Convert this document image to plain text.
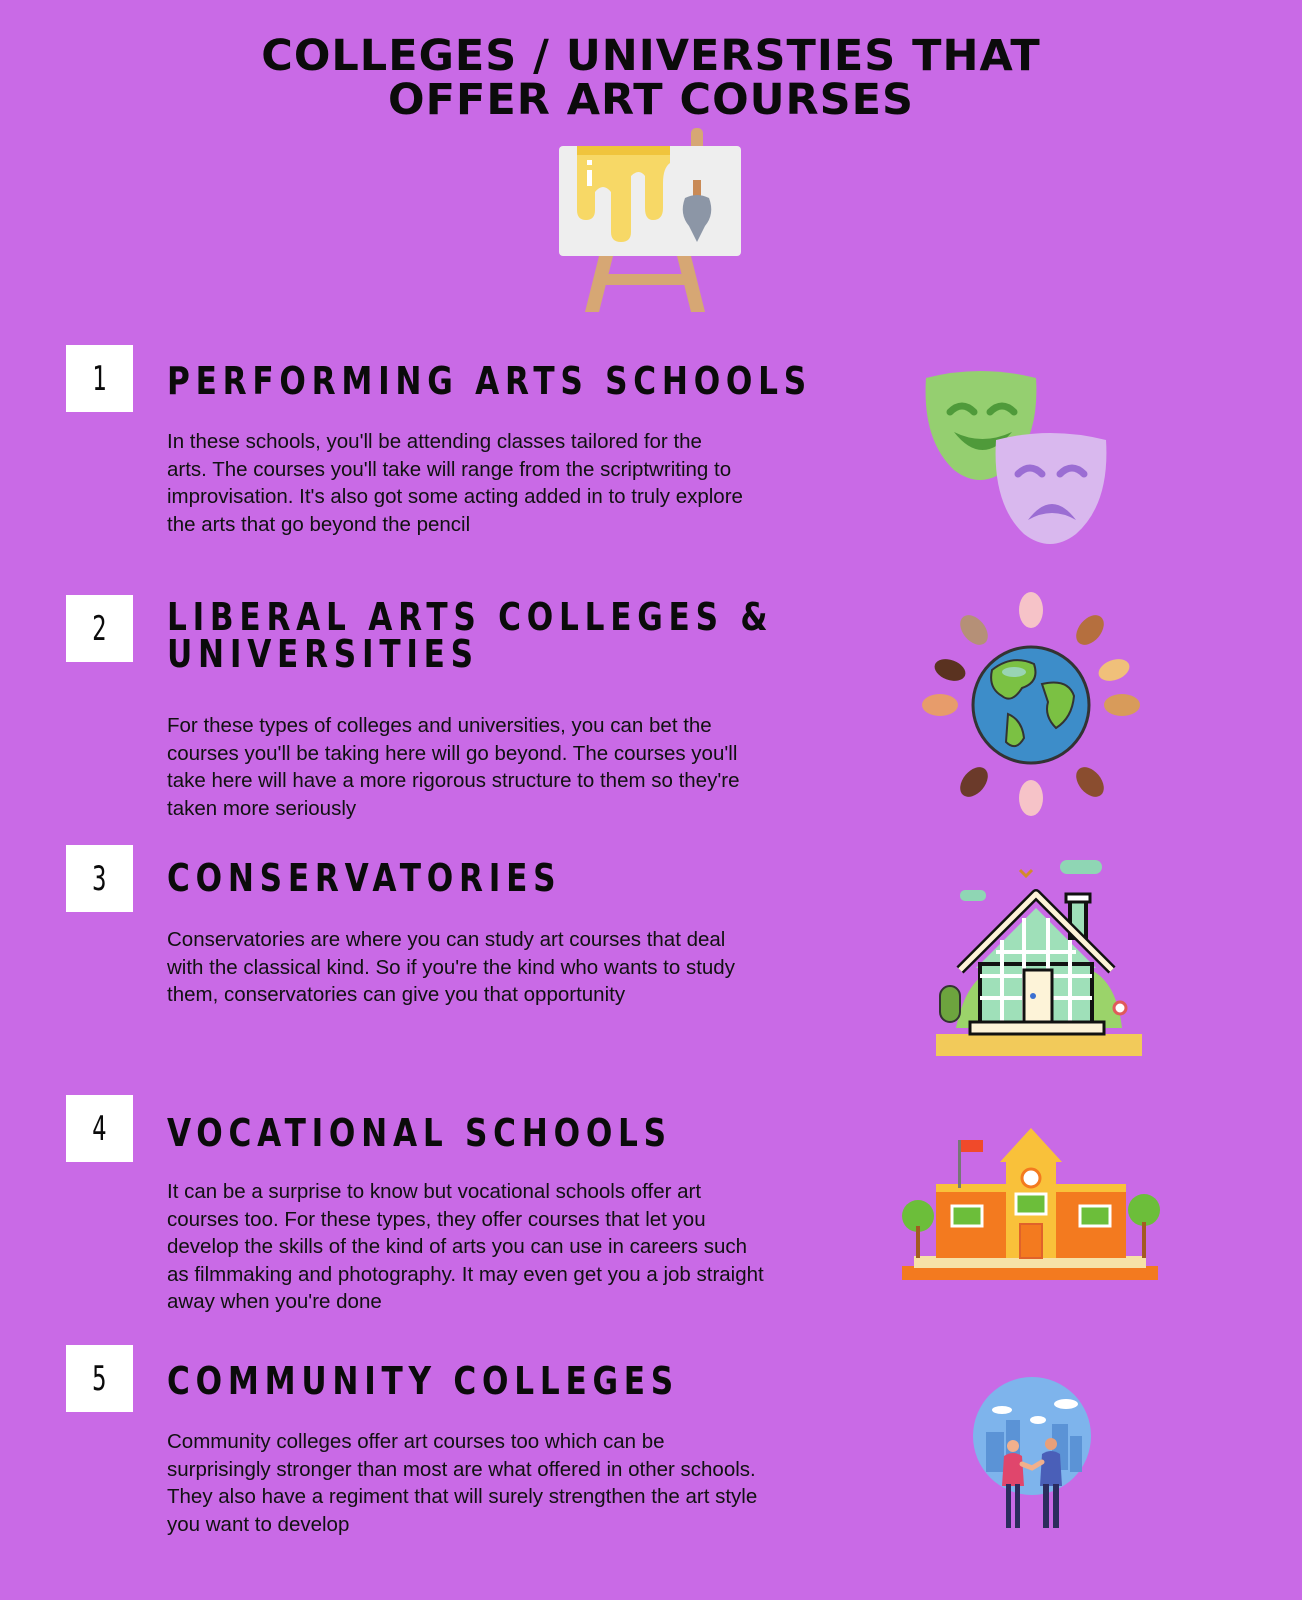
COLLEGES / UNIVERSTIES THAT
OFFER ART COURSES
1 PERFORMING ARTS SCHOOLS

In these schools, you'll be attending classes tailored for the arts. The courses you'll take will range from the scriptwriting to improvisation. It's also got some acting added in to truly explore the arts that go beyond the pencil

2 LIBERAL ARTS COLLEGES &
UNIVERSITIES

For these types of colleges and universities, you can bet the courses you'll be taking here will go beyond. The courses you'll take here will have a more rigorous structure to them so they're taken more seriously

3 CONSERVATORIES

Conservatories are where you can study art courses that deal with the classical kind. So if you're the kind who wants to study them, conservatories can give you that opportunity

4 VOCATIONAL SCHOOLS

It can be a surprise to know but vocational schools offer art courses too. For these types, they offer courses that let you develop the skills of the kind of arts you can use in careers such as filmmaking and photography. It may even get you a job straight away when you're done

5 COMMUNITY COLLEGES

Community colleges offer art courses too which can be surprisingly stronger than most are what offered in other schools. They also have a regiment that will surely strengthen the art style you want to develop
